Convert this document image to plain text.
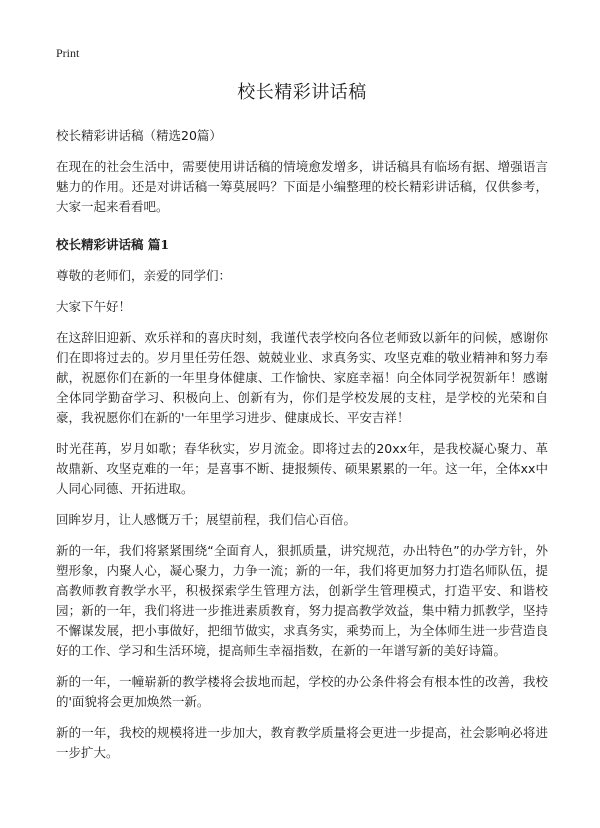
Print
校长精彩讲话稿
校长精彩讲话稿（精选20篇）

在现在的社会生活中，需要使用讲话稿的情境愈发增多，讲话稿具有临场有据、增强语言魅力的作用。还是对讲话稿一筹莫展吗？下面是小编整理的校长精彩讲话稿，仅供参考，大家一起来看看吧。

校长精彩讲话稿 篇1

尊敬的老师们，亲爱的同学们：

大家下午好！

在这辞旧迎新、欢乐祥和的喜庆时刻，我谨代表学校向各位老师致以新年的问候，感谢你们在即将过去的。岁月里任劳任怨、兢兢业业、求真务实、攻坚克难的敬业精神和努力奉献，祝愿你们在新的一年里身体健康、工作愉快、家庭幸福！向全体同学祝贺新年！感谢全体同学勤奋学习、积极向上、创新有为，你们是学校发展的支柱，是学校的光荣和自豪，我祝愿你们在新的'一年里学习进步、健康成长、平安吉祥！

时光荏苒，岁月如歌；春华秋实，岁月流金。即将过去的20xx年，是我校凝心聚力、革故鼎新、攻坚克难的一年；是喜事不断、捷报频传、硕果累累的一年。这一年，全体xx中人同心同德、开拓进取。

回眸岁月，让人感慨万千；展望前程，我们信心百倍。

新的一年，我们将紧紧围绕“全面育人，狠抓质量，讲究规范，办出特色”的办学方针，外塑形象，内聚人心，凝心聚力，力争一流；新的一年，我们将更加努力打造名师队伍，提高教师教育教学水平，积极探索学生管理方法，创新学生管理模式，打造平安、和谐校园；新的一年，我们将进一步推进素质教育，努力提高教学效益，集中精力抓教学，坚持不懈谋发展，把小事做好，把细节做实，求真务实，乘势而上，为全体师生进一步营造良好的工作、学习和生活环境，提高师生幸福指数，在新的一年谱写新的美好诗篇。

新的一年，一幢崭新的教学楼将会拔地而起，学校的办公条件将会有根本性的改善，我校的'面貌将会更加焕然一新。

新的一年，我校的规模将进一步加大，教育教学质量将会更进一步提高，社会影响必将进一步扩大。
